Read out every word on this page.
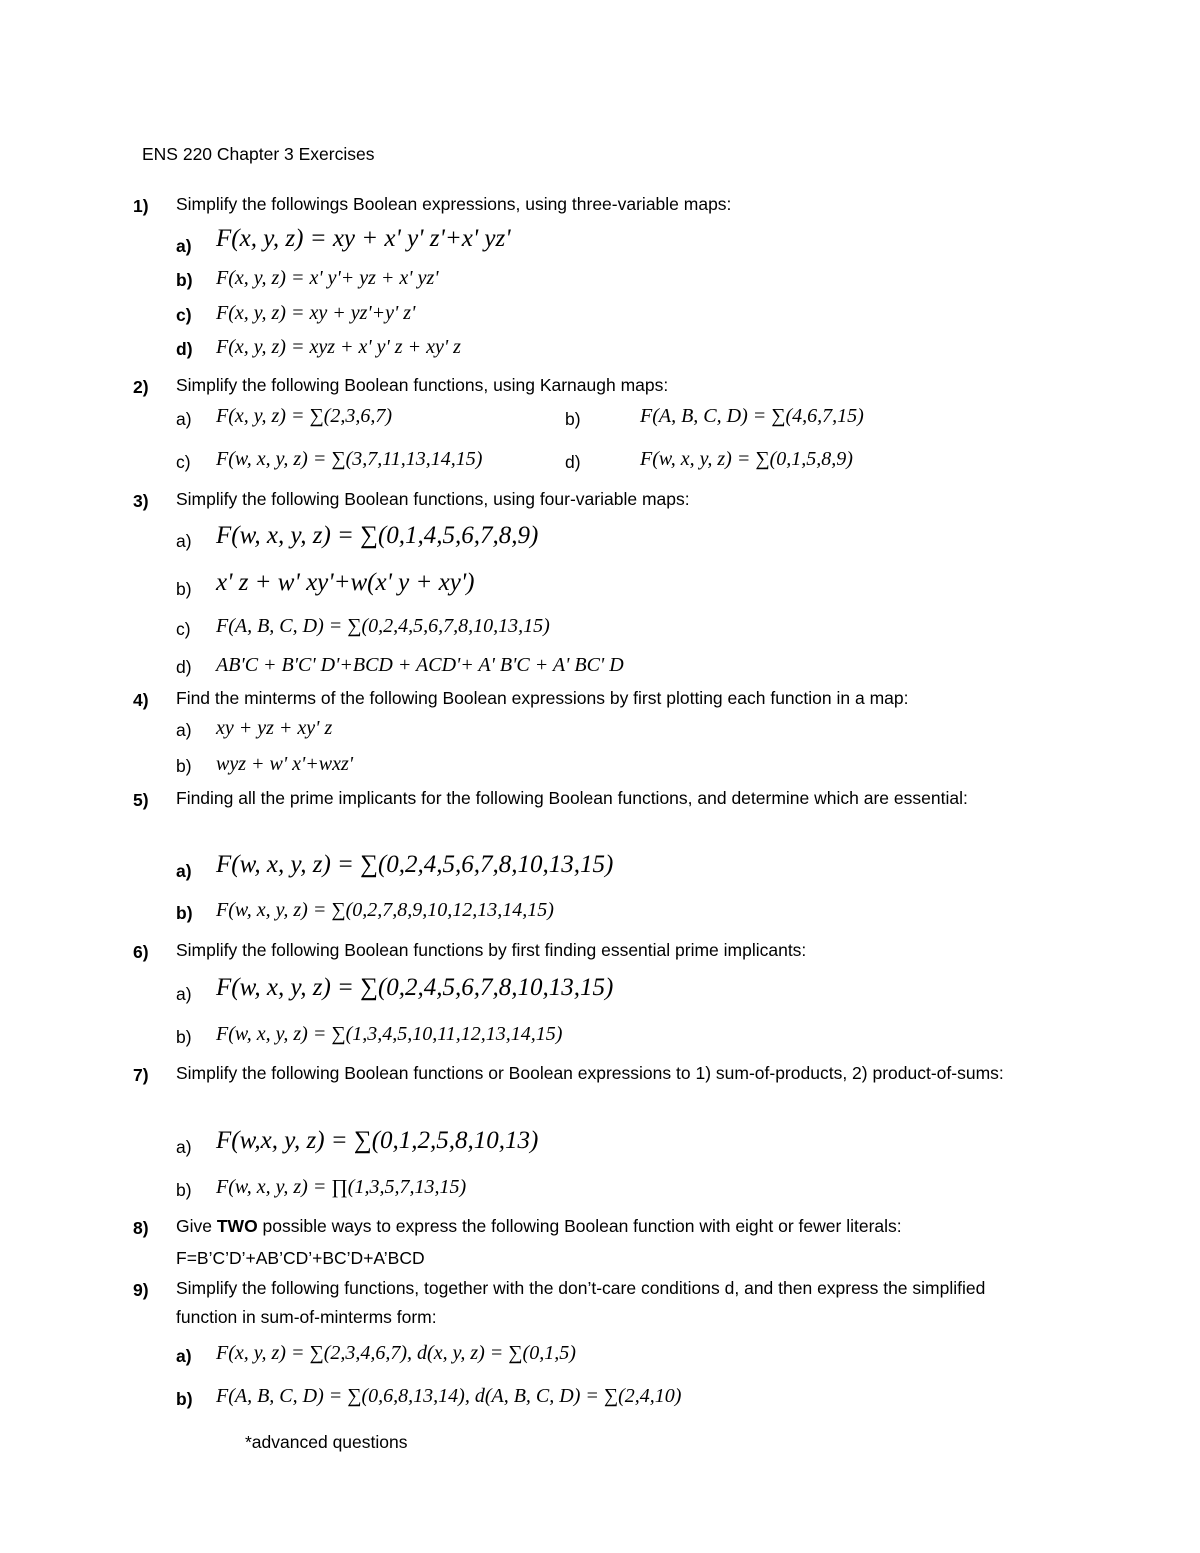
ENS 220 Chapter 3 Exercises
1) Simplify the followings Boolean expressions, using three-variable maps:
a) F(x, y, z) = xy + x' y' z'+x' yz'
b) F(x, y, z) = x' y'+ yz + x' yz'
c) F(x, y, z) = xy + yz'+y' z'
d) F(x, y, z) = xyz + x' y' z + xy' z
2) Simplify the following Boolean functions, using Karnaugh maps:
a) F(x, y, z) = ∑(2,3,6,7)	b)	F(A, B, C, D) = ∑(4,6,7,15)
c) F(w, x, y, z) = ∑(3,7,11,13,14,15)	d)	F(w, x, y, z) = ∑(0,1,5,8,9)
3) Simplify the following Boolean functions, using four-variable maps:
a) F(w, x, y, z) = ∑(0,1,4,5,6,7,8,9)
b) x' z + w' xy'+w(x' y + xy')
c) F(A, B, C, D) = ∑(0,2,4,5,6,7,8,10,13,15)
d) AB'C + B'C' D'+BCD + ACD'+ A' B'C + A' BC' D
4) Find the minterms of the following Boolean expressions by first plotting each function in a map:
a) xy + yz + xy' z
b) wyz + w' x'+wxz'
5) Finding all the prime implicants for the following Boolean functions, and determine which are essential:
a) F(w, x, y, z) = ∑(0,2,4,5,6,7,8,10,13,15)
b) F(w, x, y, z) = ∑(0,2,7,8,9,10,12,13,14,15)
6) Simplify the following Boolean functions by first finding essential prime implicants:
a) F(w, x, y, z) = ∑(0,2,4,5,6,7,8,10,13,15)
b) F(w, x, y, z) = ∑(1,3,4,5,10,11,12,13,14,15)
7) Simplify the following Boolean functions or Boolean expressions to 1) sum-of-products, 2) product-of-sums:
a) F(w,x, y, z) = ∑(0,1,2,5,8,10,13)
b) F(w, x, y, z) = ∏(1,3,5,7,13,15)
8) Give TWO possible ways to express the following Boolean function with eight or fewer literals:
F=B’C’D’+AB’CD’+BC’D+A’BCD
9) Simplify the following functions, together with the don’t-care conditions d, and then express the simplified function in sum-of-minterms form:
a) F(x, y, z) = ∑(2,3,4,6,7), d(x, y, z) = ∑(0,1,5)
b) F(A, B, C, D) = ∑(0,6,8,13,14), d(A, B, C, D) = ∑(2,4,10)
*advanced questions
